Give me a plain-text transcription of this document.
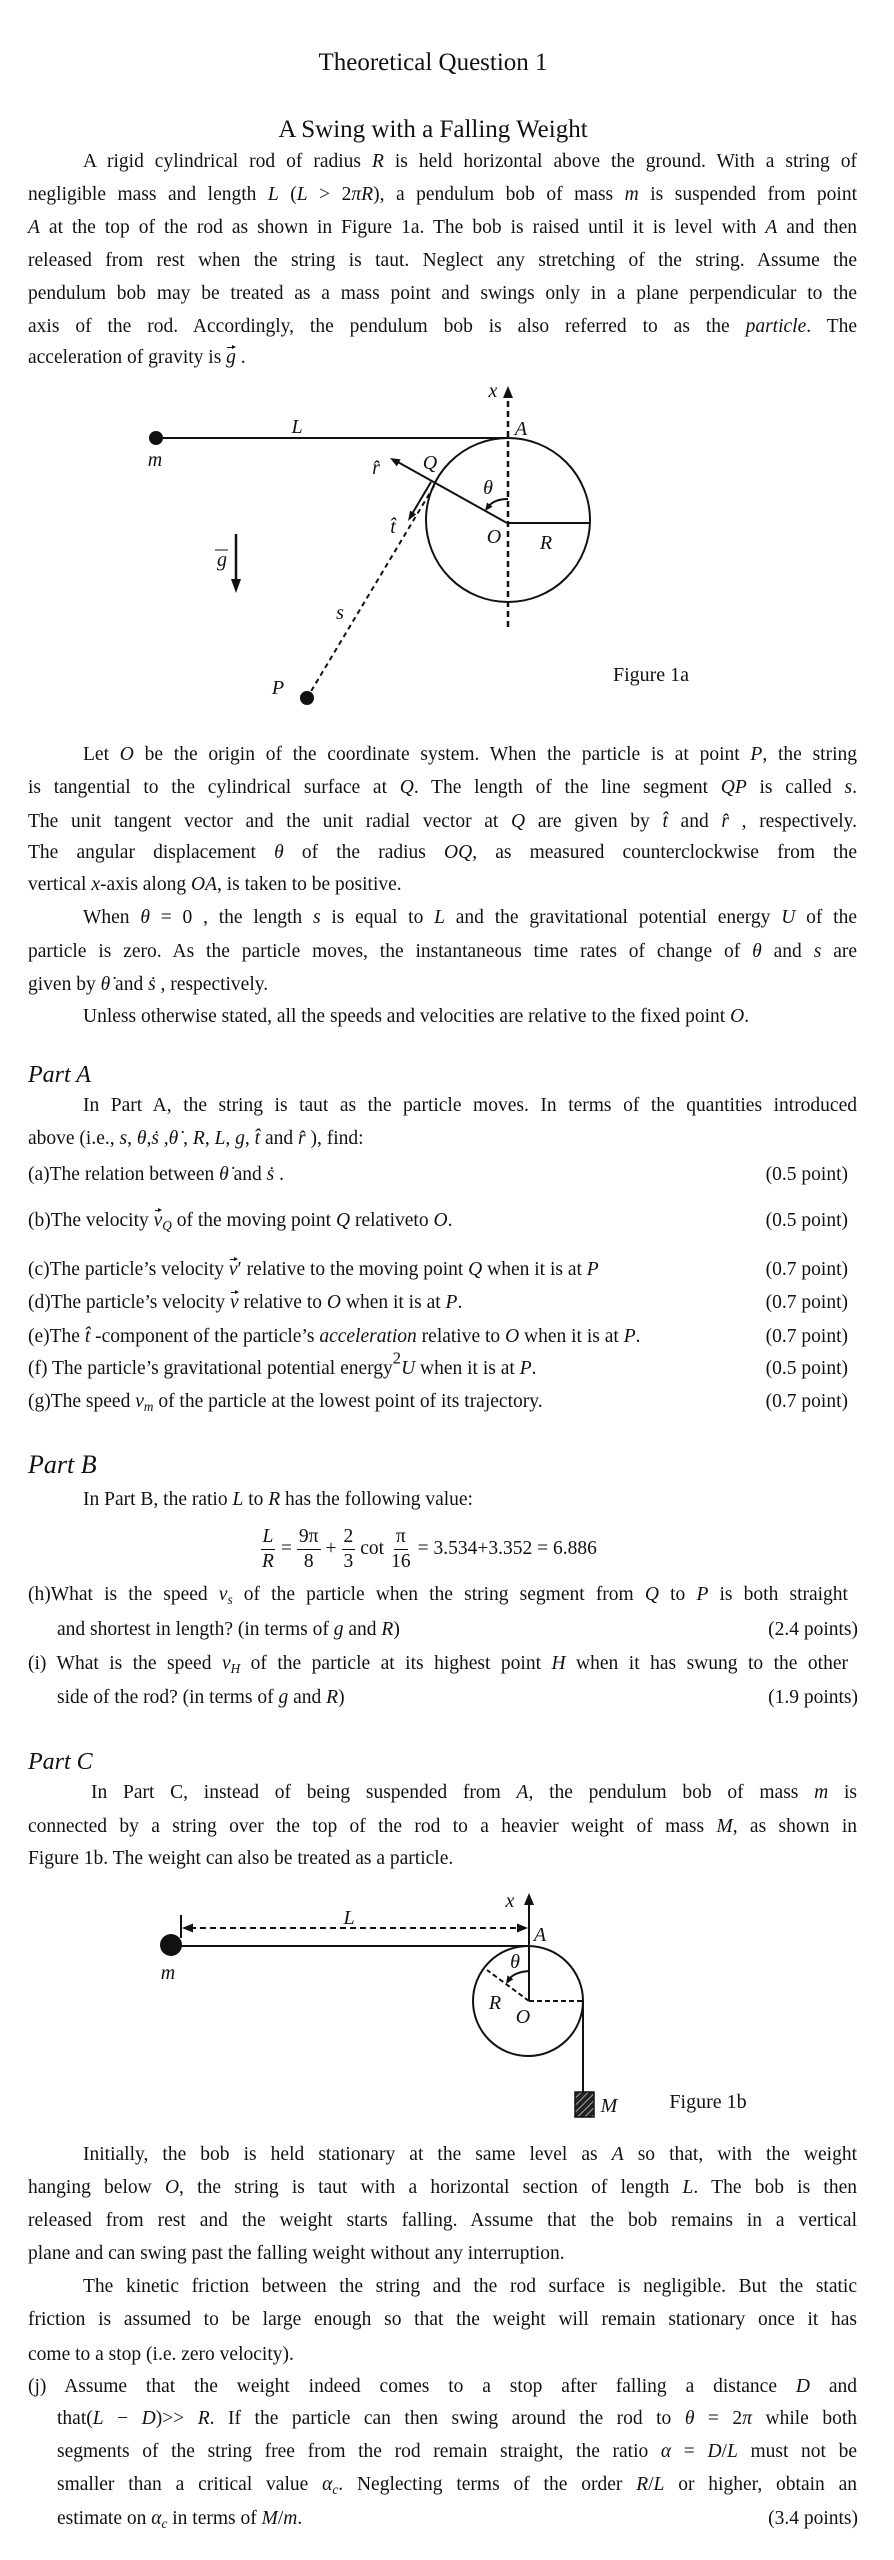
Theoretical Question 1
A Swing with a Falling Weight
A rigid cylindrical rod of radius R is held horizontal above the ground. With a string of
negligible mass and length L (L > 2πR), a pendulum bob of mass m is suspended from point
A at the top of the rod as shown in Figure 1a. The bob is raised until it is level with A and then
released from rest when the string is taut. Neglect any stretching of the string. Assume the
pendulum bob may be treated as a mass point and swings only in a plane perpendicular to the
axis of the rod. Accordingly, the pendulum bob is also referred to as the particle. The
acceleration of gravity is g .
x
A
L
m	r̂ Q
θ
t̂	O R
g
s
P
Figure 1a
Let O be the origin of the coordinate system. When the particle is at point P, the string
is tangential to the cylindrical surface at Q. The length of the line segment QP is called s.
The unit tangent vector and the unit radial vector at Q are given by t̂ and r̂ , respectively.
The angular displacement θ of the radius OQ, as measured counterclockwise from the
vertical x-axis along OA, is taken to be positive.
When θ = 0 , the length s is equal to L and the gravitational potential energy U of the
particle is zero. As the particle moves, the instantaneous time rates of change of θ and s are
given by θ̇ and ṡ , respectively.
Unless otherwise stated, all the speeds and velocities are relative to the fixed point O.
Part A
In Part A, the string is taut as the particle moves. In terms of the quantities introduced
above (i.e., s, θ,ṡ ,θ̇ , R, L, g, t̂ and r̂ ), find:
(a)The relation between θ̇ and ṡ .	(0.5 point)
(b)The velocity $v_Q$ of the moving point Q relativeto O.	(0.5 point)
(c)The particle’s velocity v′ relative to the moving point Q when it is at P	(0.7 point)
(d)The particle’s velocity v relative to O when it is at P.	(0.7 point)
(e)The t̂ -component of the particle’s acceleration relative to O when it is at P.	(0.7 point)
(f) The particle’s gravitational potential energy$^2$U when it is at P.	(0.5 point)
(g)The speed $v_m$ of the particle at the lowest point of its trajectory.	(0.7 point)
Part B
In Part B, the ratio L to R has the following value:
$\frac{L}{R} = \frac{9\pi}{8} + \frac{2}{3}$ $\cot \frac{\pi}{16} = 3.534+3.352 = 6.886$
(h)What is the speed $v_s$ of the particle when the string segment from Q to P is both straight
and shortest in length? (in terms of g and R)	(2.4 points)
(i) What is the speed $v_H$ of the particle at its highest point H when it has swung to the other
side of the rod? (in terms of g and R)	(1.9 points)
Part C
In Part C, instead of being suspended from A, the pendulum bob of mass m is
connected by a string over the top of the rod to a heavier weight of mass M, as shown in
Figure 1b. The weight can also be treated as a particle.
x
L
A
m	θ
R
O
M	Figure 1b
Initially, the bob is held stationary at the same level as A so that, with the weight
hanging below O, the string is taut with a horizontal section of length L. The bob is then
released from rest and the weight starts falling. Assume that the bob remains in a vertical
plane and can swing past the falling weight without any interruption.
The kinetic friction between the string and the rod surface is negligible. But the static
friction is assumed to be large enough so that the weight will remain stationary once it has
come to a stop (i.e. zero velocity).
(j) Assume that the weight indeed comes to a stop after falling a distance D and
that(L − D)>> R. If the particle can then swing around the rod to θ = 2π while both
segments of the string free from the rod remain straight, the ratio α = D/L must not be
smaller than a critical value $\alpha_c$. Neglecting terms of the order R/L or higher, obtain an
estimate on $\alpha_c$ in terms of M/m.	(3.4 points)
